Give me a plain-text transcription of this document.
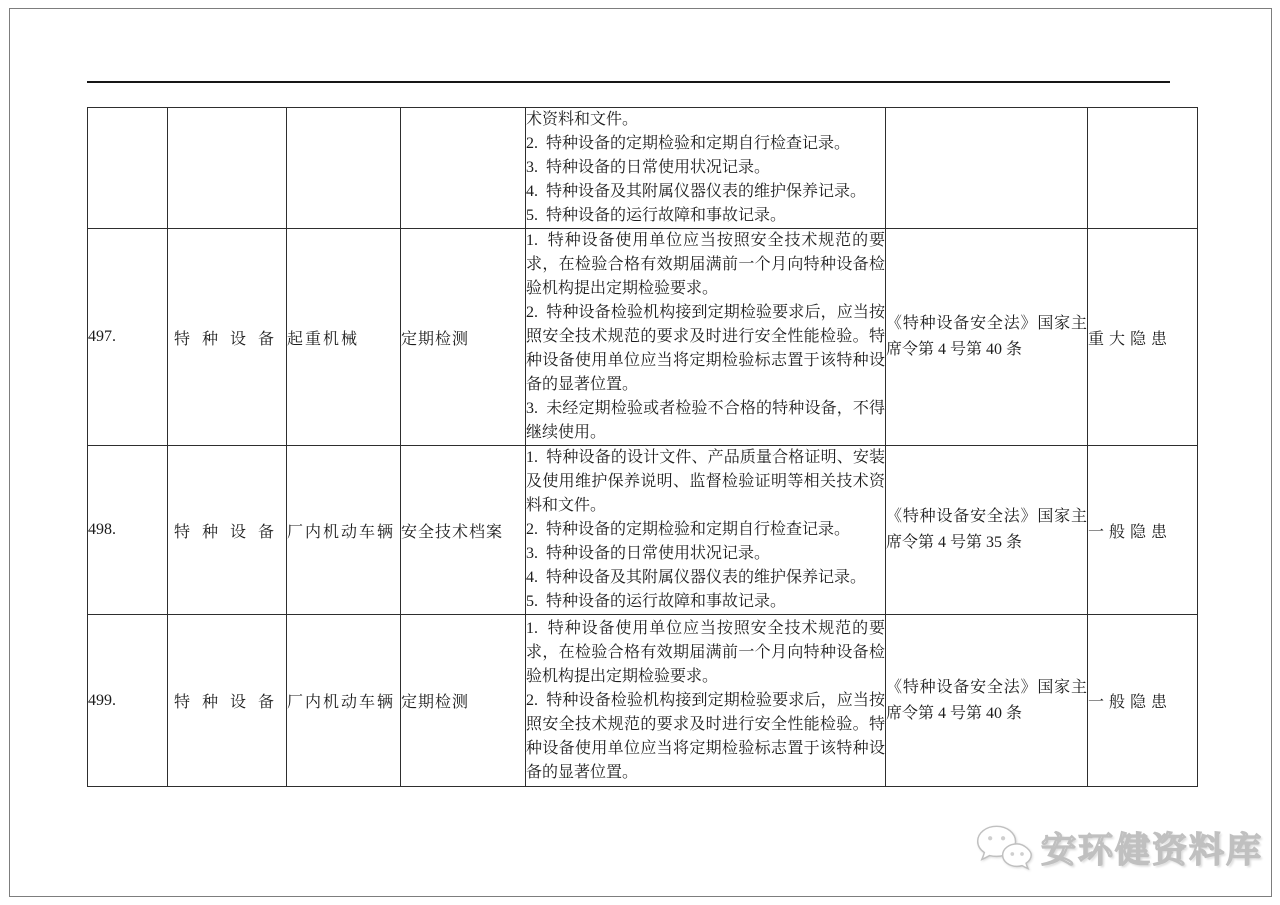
				术资料和文件。
2.  特种设备的定期检验和定期自行检查记录。
3.  特种设备的日常使用状况记录。
4.  特种设备及其附属仪器仪表的维护保养记录。
5.  特种设备的运行故障和事故记录。		

497.	特种设备	起重机械	定期检测	1.  特种设备使用单位应当按照安全技术规范的要求，在检验合格有效期届满前一个月向特种设备检验机构提出定期检验要求。
2.  特种设备检验机构接到定期检验要求后，应当按照安全技术规范的要求及时进行安全性能检验。特种设备使用单位应当将定期检验标志置于该特种设备的显著位置。
3.  未经定期检验或者检验不合格的特种设备，不得继续使用。	《特种设备安全法》国家主席令第 4 号第 40 条	重大隐患
498.	特种设备	厂内机动车辆	安全技术档案	1.  特种设备的设计文件、产品质量合格证明、安装及使用维护保养说明、监督检验证明等相关技术资料和文件。
2.  特种设备的定期检验和定期自行检查记录。
3.  特种设备的日常使用状况记录。
4.  特种设备及其附属仪器仪表的维护保养记录。
5.  特种设备的运行故障和事故记录。	《特种设备安全法》国家主席令第 4 号第 35 条	一般隐患
499.	特种设备	厂内机动车辆	定期检测	1.  特种设备使用单位应当按照安全技术规范的要求，在检验合格有效期届满前一个月向特种设备检验机构提出定期检验要求。
2.  特种设备检验机构接到定期检验要求后，应当按照安全技术规范的要求及时进行安全性能检验。特种设备使用单位应当将定期检验标志置于该特种设备的显著位置。	《特种设备安全法》国家主席令第 4 号第 40 条	一般隐患
安环健资料库
